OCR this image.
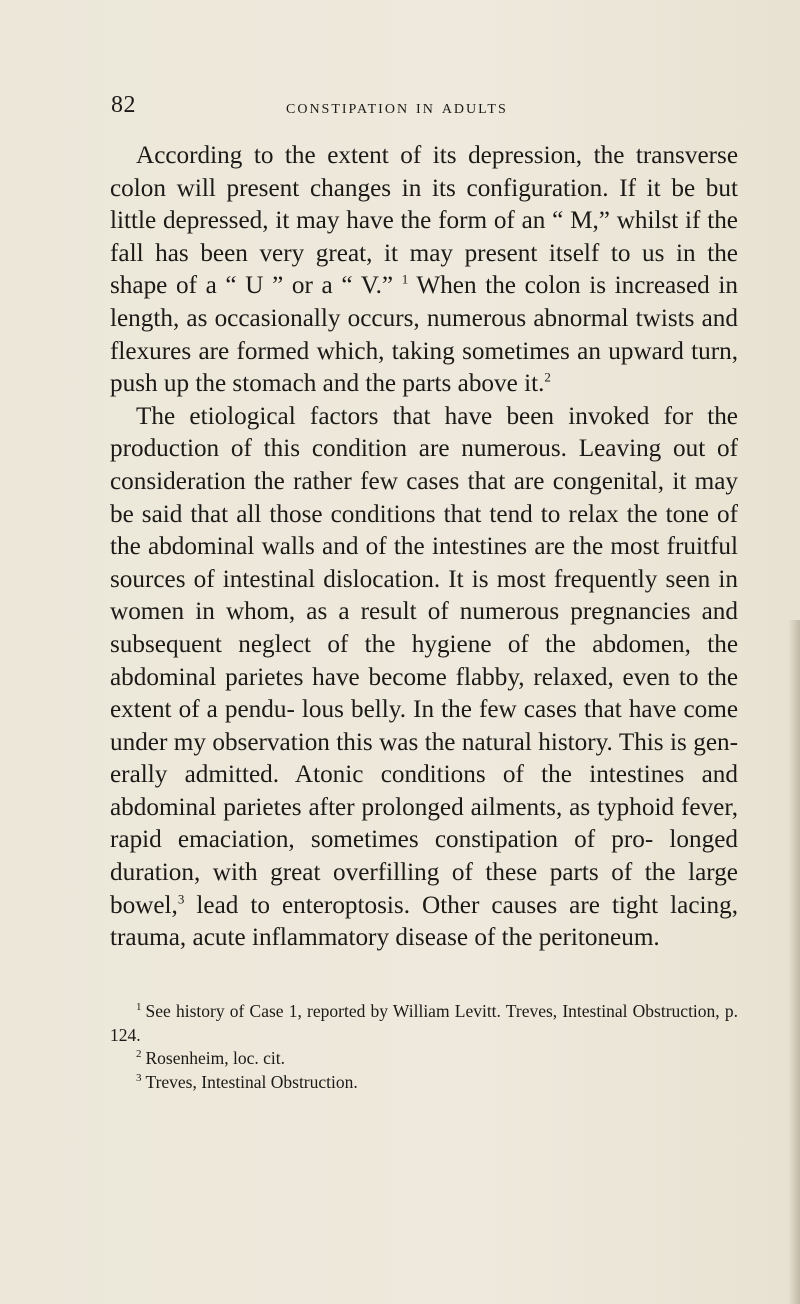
82	constipation in adults

According to the extent of its depression, the transverse colon will present changes in its configuration. If it be but little depressed, it may have the form of an “ M,” whilst if the fall has been very great, it may present itself to us in the shape of a “ U ” or a “ V.” $^1$ When the colon is increased in length, as occasionally occurs, numerous abnormal twists and flexures are formed which, taking sometimes an upward turn, push up the stomach and the parts above it.$^2$

The etiological factors that have been invoked for the production of this condition are numerous. Leaving out of consideration the rather few cases that are congenital, it may be said that all those conditions that tend to relax the tone of the abdominal walls and of the intestines are the most fruitful sources of intestinal dislocation. It is most frequently seen in women in whom, as a result of numerous pregnancies and subsequent neglect of the hygiene of the abdomen, the abdominal parietes have become flabby, relaxed, even to the extent of a pendu- lous belly. In the few cases that have come under my observation this was the natural history. This is gen- erally admitted. Atonic conditions of the intestines and abdominal parietes after prolonged ailments, as typhoid fever, rapid emaciation, sometimes constipation of pro- longed duration, with great overfilling of these parts of the large bowel,$^3$ lead to enteroptosis. Other causes are tight lacing, trauma, acute inflammatory disease of the peritoneum.

$^1$ See history of Case 1, reported by William Levitt. Treves, Intestinal Obstruction, p. 124.

$^2$ Rosenheim, loc. cit.

$^3$ Treves, Intestinal Obstruction.
